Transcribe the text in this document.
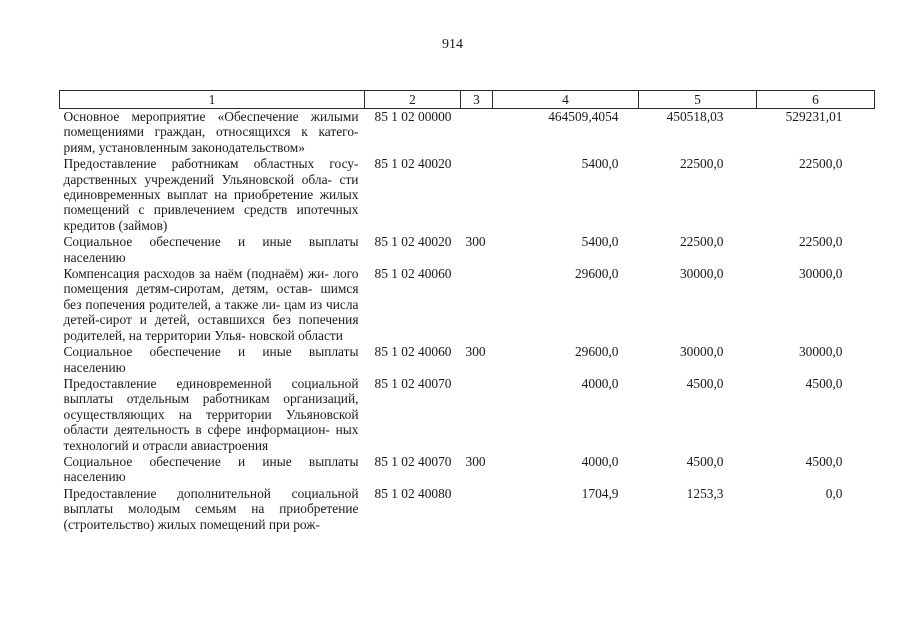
914
1	2	3	4	5	6
Основное мероприятие «Обеспечение жилыми помещениями граждан, относящихся к катего- риям, установленным законодательством»	85 1 02 00000		464509,4054	450518,03	529231,01
Предоставление работникам областных госу- дарственных учреждений Ульяновской обла- сти единовременных выплат на приобретение жилых помещений с привлечением средств ипотечных кредитов (займов)	85 1 02 40020		5400,0	22500,0	22500,0
Социальное обеспечение и иные выплаты населению	85 1 02 40020	300	5400,0	22500,0	22500,0
Компенсация расходов за наём (поднаём) жи- лого помещения детям-сиротам, детям, остав- шимся без попечения родителей, а также ли- цам из числа детей-сирот и детей, оставшихся без попечения родителей, на территории Улья- новской области	85 1 02 40060		29600,0	30000,0	30000,0
Социальное обеспечение и иные выплаты населению	85 1 02 40060	300	29600,0	30000,0	30000,0
Предоставление единовременной социальной выплаты отдельным работникам организаций, осуществляющих на территории Ульяновской области деятельность в сфере информацион- ных технологий и отрасли авиастроения	85 1 02 40070		4000,0	4500,0	4500,0
Социальное обеспечение и иные выплаты населению	85 1 02 40070	300	4000,0	4500,0	4500,0
Предоставление дополнительной социальной выплаты молодым семьям на приобретение (строительство) жилых помещений при рож-	85 1 02 40080		1704,9	1253,3	0,0
